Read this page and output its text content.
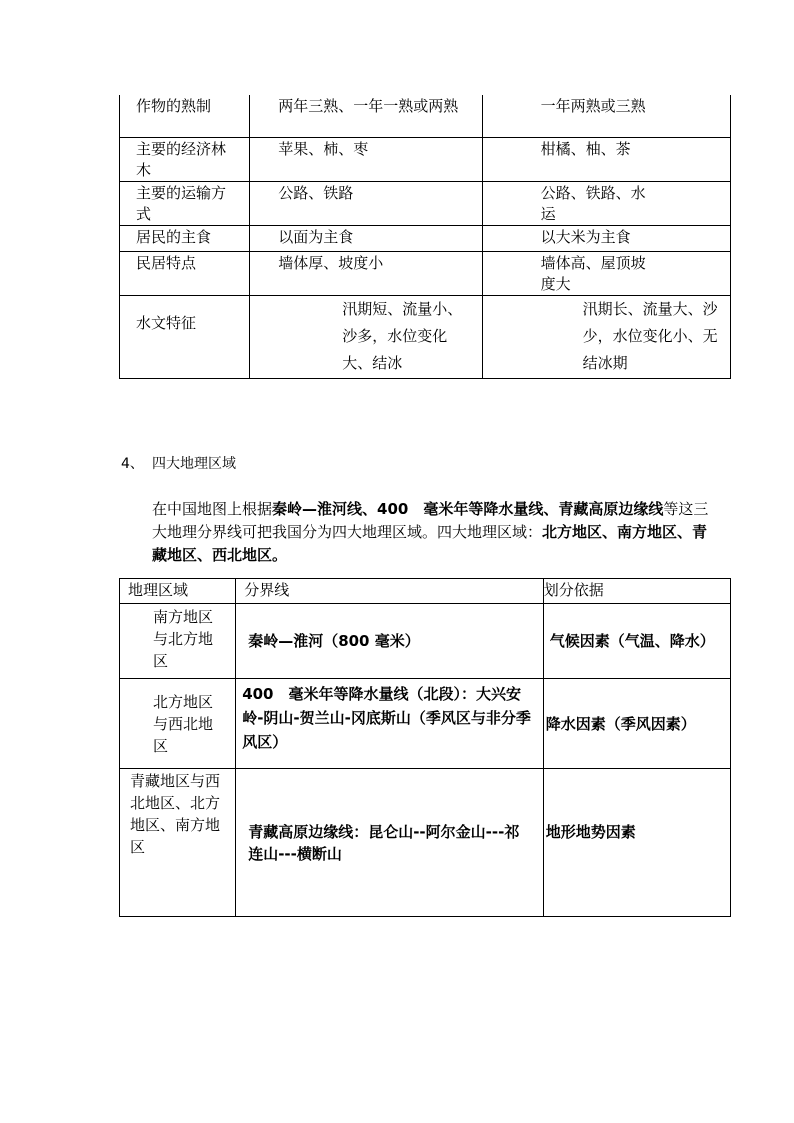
作物的熟制	两年三熟、一年一熟或两熟	一年两熟或三熟
主要的经济林木	苹果、柿、枣	柑橘、柚、茶
主要的运输方式	公路、铁路	公路、铁路、水运
居民的主食	以面为主食	以大米为主食
民居特点	墙体厚、坡度小	墙体高、屋顶坡度大

水文特征	汛期短、流量小、沙多，水位变化大、结冰	汛期长、流量大、沙少，水位变化小、无结冰期
4、 四大地理区域
在中国地图上根据秦岭—淮河线、400　毫米年等降水量线、青藏高原边缘线等这三大地理分界线可把我国分为四大地理区域。四大地理区域：北方地区、南方地区、青藏地区、西北地区。
地理区域	分界线	划分依据
南方地区与北方地区	秦岭—淮河（800 毫米）	气候因素（气温、降水）
北方地区与西北地区	400　毫米年等降水量线（北段）：大兴安岭-阴山-贺兰山-冈底斯山（季风区与非分季风区）	降水因素（季风因素）
青藏地区与西北地区、北方地区、南方地区	青藏高原边缘线：昆仑山--阿尔金山---祁连山---横断山	地形地势因素
